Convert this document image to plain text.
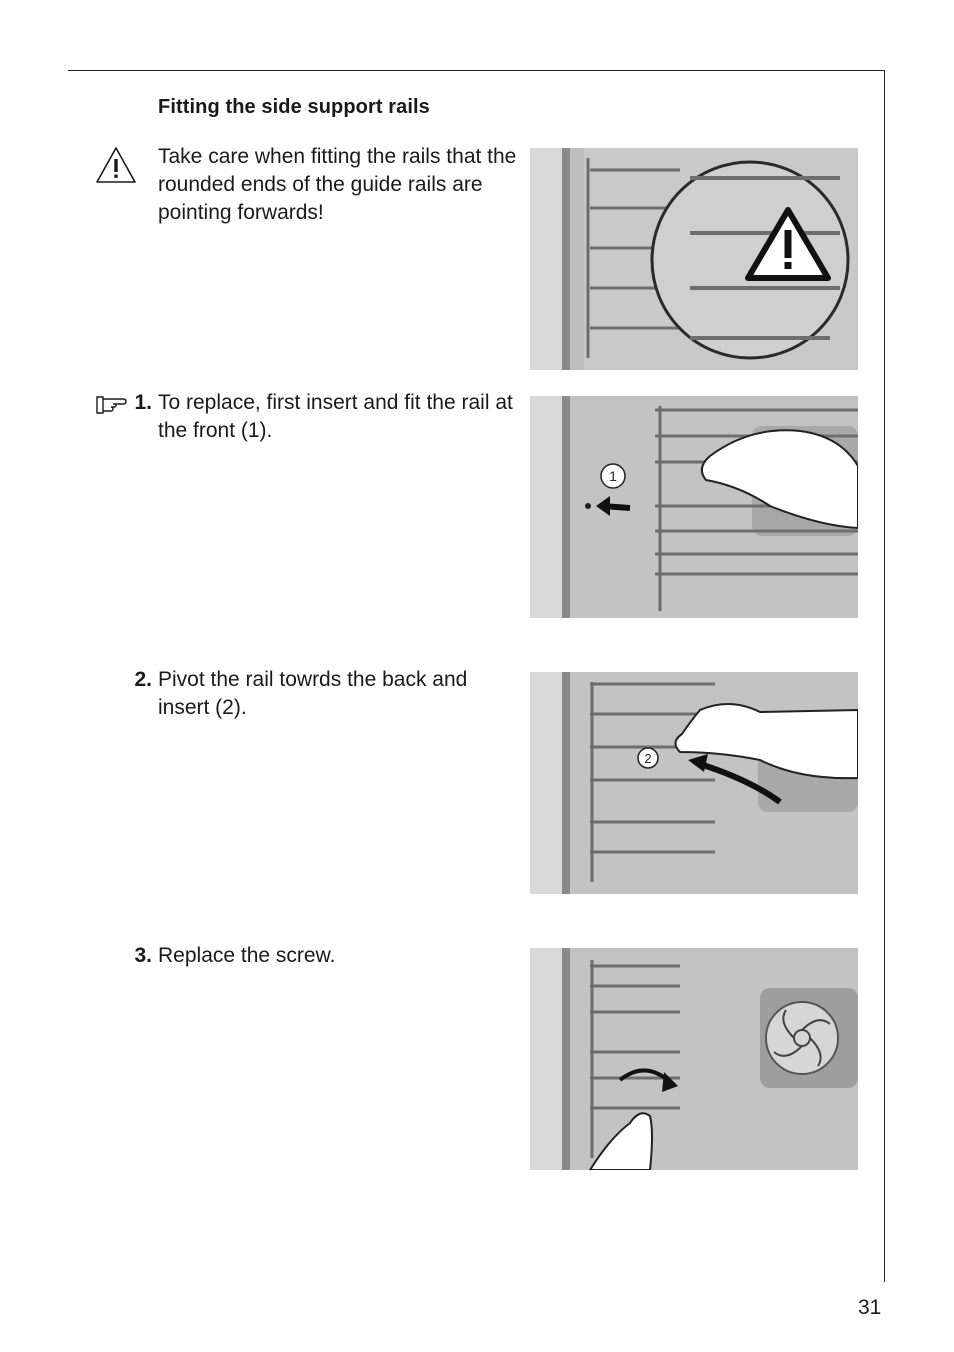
Fitting the side support rails
Take care when fitting the rails that the rounded ends of the guide rails are pointing forwards!
1. To replace, first insert and fit the rail at the front (1).
1
2. Pivot the rail towrds the back and insert (2).
2
3. Replace the screw.
31
